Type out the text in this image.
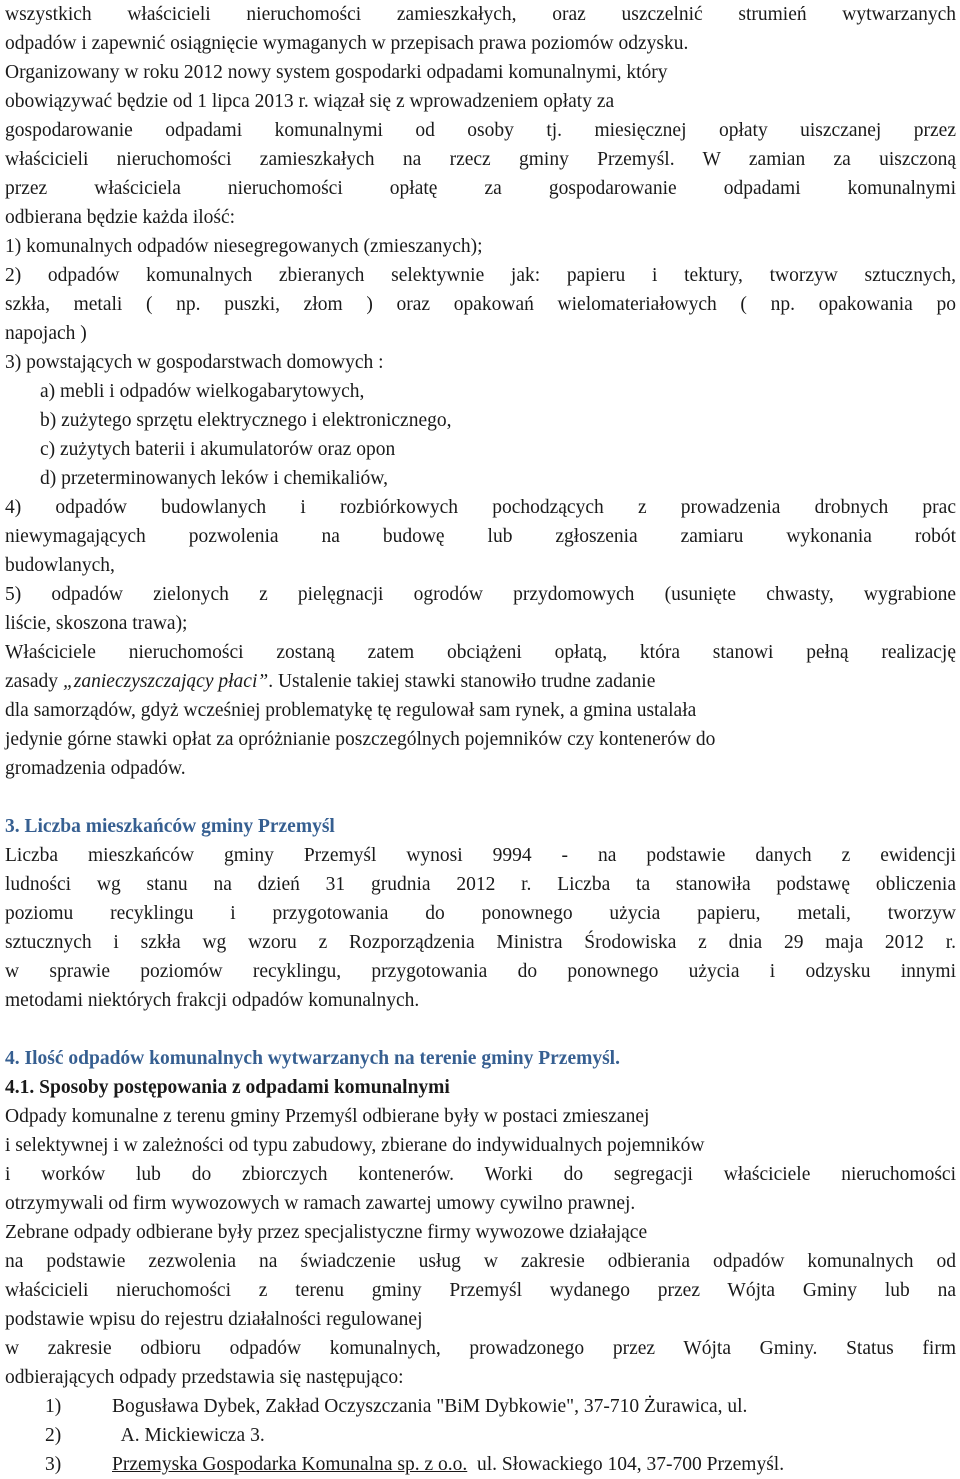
wszystkich właścicieli nieruchomości zamieszkałych, oraz uszczelnić strumień wytwarzanych
odpadów i zapewnić osiągnięcie wymaganych w przepisach prawa poziomów odzysku.
Organizowany w roku 2012 nowy system gospodarki odpadami komunalnymi, który
obowiązywać będzie od 1 lipca 2013 r. wiązał się z wprowadzeniem opłaty za
gospodarowanie odpadami komunalnymi od osoby tj. miesięcznej opłaty uiszczanej przez
właścicieli nieruchomości zamieszkałych na rzecz gminy Przemyśl. W zamian za uiszczoną
przez właściciela nieruchomości opłatę za gospodarowanie odpadami komunalnymi
odbierana będzie każda ilość:
1) komunalnych odpadów niesegregowanych (zmieszanych);
2) odpadów komunalnych zbieranych selektywnie jak: papieru i tektury, tworzyw sztucznych,
szkła, metali ( np. puszki, złom ) oraz opakowań wielomateriałowych ( np. opakowania po
napojach )
3) powstających w gospodarstwach domowych :
a) mebli i odpadów wielkogabarytowych,
b) zużytego sprzętu elektrycznego i elektronicznego,
c) zużytych baterii i akumulatorów oraz opon
d) przeterminowanych leków i chemikaliów,
4) odpadów budowlanych i rozbiórkowych pochodzących z prowadzenia drobnych prac
niewymagających pozwolenia na budowę lub zgłoszenia zamiaru wykonania robót
budowlanych,
5) odpadów zielonych z pielęgnacji ogrodów przydomowych (usunięte chwasty, wygrabione
liście, skoszona trawa);
Właściciele nieruchomości zostaną zatem obciążeni opłatą, która stanowi pełną realizację
zasady „zanieczyszczający płaci”. Ustalenie takiej stawki stanowiło trudne zadanie
dla samorządów, gdyż wcześniej problematykę tę regulował sam rynek, a gmina ustalała
jedynie górne stawki opłat za opróżnianie poszczególnych pojemników czy kontenerów do
gromadzenia odpadów.
3. Liczba mieszkańców gminy Przemyśl
Liczba mieszkańców gminy Przemyśl wynosi 9994 - na podstawie danych z ewidencji
ludności wg stanu na dzień 31 grudnia 2012 r. Liczba ta stanowiła podstawę obliczenia
poziomu recyklingu i przygotowania do ponownego użycia papieru, metali, tworzyw
sztucznych i szkła wg wzoru z Rozporządzenia Ministra Środowiska z dnia 29 maja 2012 r.
w sprawie poziomów recyklingu, przygotowania do ponownego użycia i odzysku innymi
metodami niektórych frakcji odpadów komunalnych.
4. Ilość odpadów komunalnych wytwarzanych na terenie gminy Przemyśl.
4.1. Sposoby postępowania z odpadami komunalnymi
Odpady komunalne z terenu gminy Przemyśl odbierane były w postaci zmieszanej
i selektywnej i w zależności od typu zabudowy, zbierane do indywidualnych pojemników
i worków lub do zbiorczych kontenerów. Worki do segregacji właściciele nieruchomości
otrzymywali od firm wywozowych w ramach zawartej umowy cywilno prawnej.
Zebrane odpady odbierane były przez specjalistyczne firmy wywozowe działające
na podstawie zezwolenia na świadczenie usług w zakresie odbierania odpadów komunalnych od
właścicieli nieruchomości z terenu gminy Przemyśl wydanego przez Wójta Gminy lub na
podstawie wpisu do rejestru działalności regulowanej
w zakresie odbioru odpadów komunalnych, prowadzonego przez Wójta Gminy. Status firm
odbierających odpady przedstawia się następująco:
1)	Bogusława Dybek, Zakład Oczyszczania "BiM Dybkowie", 37-710 Żurawica, ul.
2)	A. Mickiewicza 3.
3)	Przemyska Gospodarka Komunalna sp. z o.o.  ul. Słowackiego 104, 37-700 Przemyśl.
